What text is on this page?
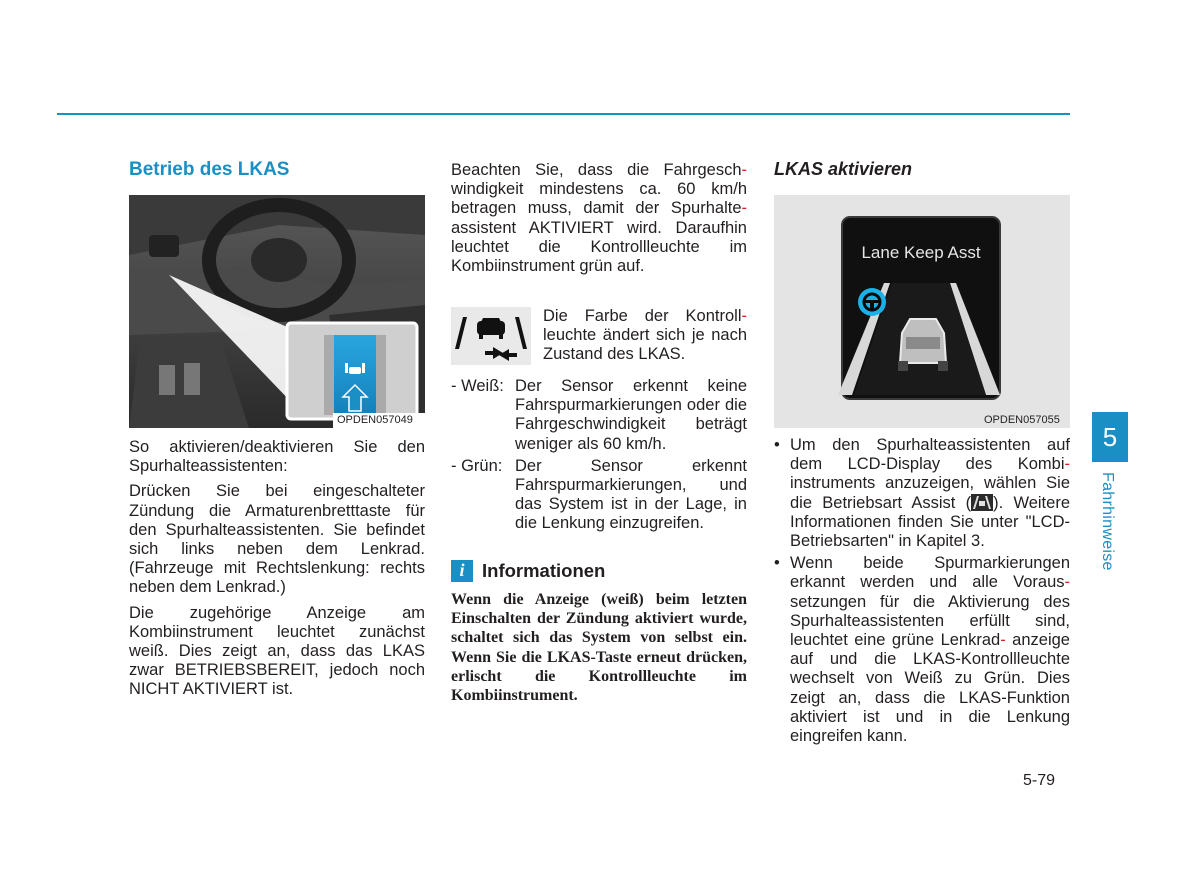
Betrieb des LKAS
OPDEN057049

So aktivieren/deaktivieren Sie den Spurhalteassistenten:

Drücken Sie bei eingeschalteter Zündung die Armaturenbretttaste für den Spurhalteassistenten. Sie befindet sich links neben dem Lenkrad. (Fahrzeuge mit Rechtslenkung: rechts neben dem Lenkrad.)

Die zugehörige Anzeige am Kombiinstrument leuchtet zunächst weiß. Dies zeigt an, dass das LKAS zwar BETRIEBSBEREIT, jedoch noch NICHT AKTIVIERT ist.

Beachten Sie, dass die Fahrgesch- windigkeit mindestens ca. 60 km/h betragen muss, damit der Spurhalte- assistent AKTIVIERT wird. Daraufhin leuchtet die Kontrollleuchte im Kombiinstrument grün auf.

Die Farbe der Kontroll- leuchte ändert sich je nach Zustand des LKAS.
- Weiß: Der Sensor erkennt keine Fahrspurmarkierungen oder die Fahrgeschwindigkeit beträgt weniger als 60 km/h.
- Grün: Der Sensor erkennt Fahrspurmarkierungen, und das System ist in der Lage, in die Lenkung einzugreifen.
i Informationen
Wenn die Anzeige (weiß) beim letzten Einschalten der Zündung aktiviert wurde, schaltet sich das System von selbst ein. Wenn Sie die LKAS-Taste erneut drücken, erlischt die Kontrollleuchte im Kombiinstrument.
LKAS aktivieren
Lane Keep Asst
OPDEN057055
• Um den Spurhalteassistenten auf dem LCD-Display des Kombi- instruments anzuzeigen, wählen Sie die Betriebsart Assist ( ). Weitere Informationen finden Sie unter "LCD-Betriebsarten" in Kapitel 3.
• Wenn beide Spurmarkierungen erkannt werden und alle Voraus- setzungen für die Aktivierung des Spurhalteassistenten erfüllt sind, leuchtet eine grüne Lenkrad- anzeige auf und die LKAS-Kontrollleuchte wechselt von Weiß zu Grün. Dies zeigt an, dass die LKAS-Funktion aktiviert ist und in die Lenkung eingreifen kann.
5-79
5
Fahrhinweise
